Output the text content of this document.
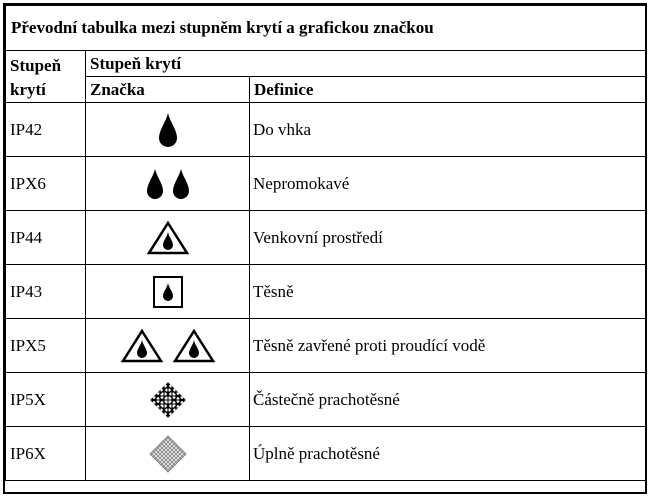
Převodní tabulka mezi stupněm krytí a grafickou značkou		

Stupeň krytí	Stupeň krytí	
	Značka	Definice
IP42		Do vhka
IPX6		Nepromokavé
IP44		Venkovní prostředí
IP43		Těsně
IPX5		Těsně zavřené proti proudící vodě
IP5X		Částečně prachotěsné
IP6X		Úplně prachotěsné
